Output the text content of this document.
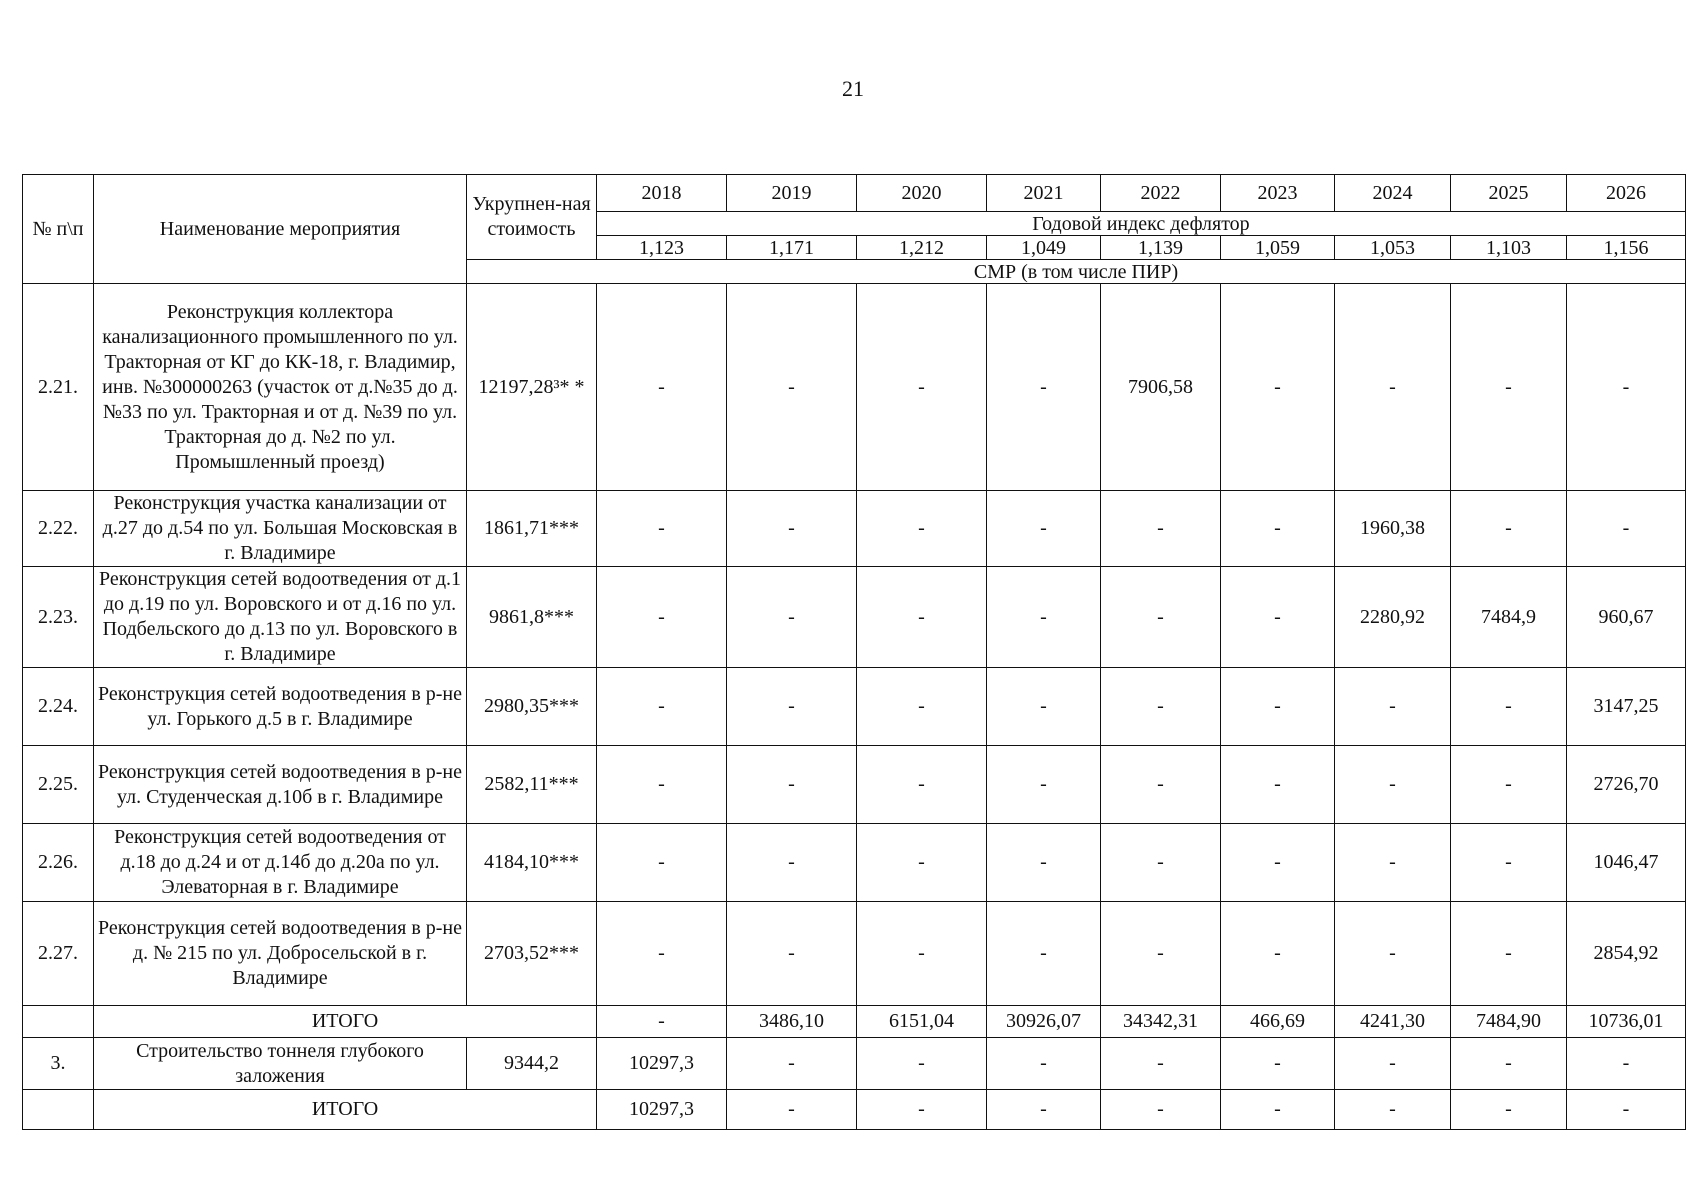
21
№ п\п	Наименование мероприятия	Укрупнен-ная стоимость	2018	2019	2020	2021	2022	2023	2024	2025	2026
			Годовой индекс дефлятор								
			1,123	1,171	1,212	1,049	1,139	1,059	1,053	1,103	1,156
		СМР (в том числе ПИР)									
2.21.	Реконструкция коллектора канализационного промышленного по ул. Тракторная от КГ до КК-18, г. Владимир, инв. №300000263 (участок от д.№35 до д.№33 по ул. Тракторная и от д. №39 по ул. Тракторная до д. №2 по ул. Промышленный проезд)	12197,28³* *	-	-	-	-	7906,58	-	-	-	-
2.22.	Реконструкция участка канализации от д.27 до д.54 по ул. Большая Московская в г. Владимире	1861,71***	-	-	-	-	-	-	1960,38	-	-
2.23.	Реконструкция сетей водоотведения от д.1 до д.19 по ул. Воровского и от д.16 по ул. Подбельского до д.13 по ул. Воровского в г. Владимире	9861,8***	-	-	-	-	-	-	2280,92	7484,9	960,67
2.24.	Реконструкция сетей водоотведения в р-не ул. Горького д.5 в г. Владимире	2980,35***	-	-	-	-	-	-	-	-	3147,25
2.25.	Реконструкция сетей водоотведения в р-не ул. Студенческая д.10б в г. Владимире	2582,11***	-	-	-	-	-	-	-	-	2726,70
2.26.	Реконструкция сетей водоотведения от д.18 до д.24 и от д.14б до д.20а по ул. Элеваторная в г. Владимире	4184,10***	-	-	-	-	-	-	-	-	1046,47
2.27.	Реконструкция сетей водоотведения в р-не д. № 215 по ул. Добросельской в г. Владимире	2703,52***	-	-	-	-	-	-	-	-	2854,92
	ИТОГО		-	3486,10	6151,04	30926,07	34342,31	466,69	4241,30	7484,90	10736,01
3.	Строительство тоннеля глубокого заложения	9344,2	10297,3	-	-	-	-	-	-	-	-
	ИТОГО		10297,3	-	-	-	-	-	-	-	-
